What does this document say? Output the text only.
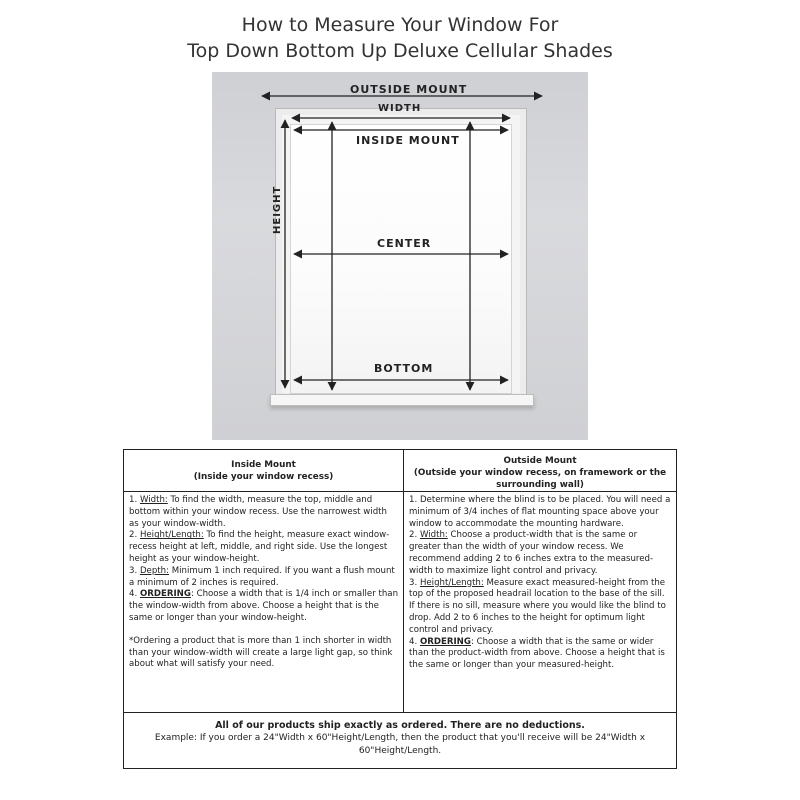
How to Measure Your Window For
Top Down Bottom Up Deluxe Cellular Shades
OUTSIDE MOUNT
WIDTH
INSIDE MOUNT
CENTER
BOTTOM
HEIGHT
Inside Mount
(Inside your window recess)
Outside Mount
(Outside your window recess, on framework or the surrounding wall)

1. Width: To find the width, measure the top, middle and bottom within your window recess. Use the narrowest width as your window-width.

2. Height/Length: To find the height, measure exact window-recess height at left, middle, and right side. Use the longest height as your window-height.

3. Depth: Minimum 1 inch required. If you want a flush mount a minimum of 2 inches is required.

4. ORDERING: Choose a width that is 1/4 inch or smaller than the window-width from above. Choose a height that is the same or longer than your window-height.

*Ordering a product that is more than 1 inch shorter in width than your window-width will create a large light gap, so think about what will satisfy your need.

1. Determine where the blind is to be placed. You will need a minimum of 3/4 inches of flat mounting space above your window to accommodate the mounting hardware.

2. Width: Choose a product-width that is the same or greater than the width of your window recess. We recommend adding 2 to 6 inches extra to the measured-width to maximize light control and privacy.

3. Height/Length: Measure exact measured-height from the top of the proposed headrail location to the base of the sill. If there is no sill, measure where you would like the blind to drop. Add 2 to 6 inches to the height for optimum light control and privacy.

4. ORDERING: Choose a width that is the same or wider than the product-width from above. Choose a height that is the same or longer than your measured-height.

All of our products ship exactly as ordered. There are no deductions.
Example: If you order a 24"Width x 60"Height/Length, then the product that you'll receive will be 24"Width x 60"Height/Length.
